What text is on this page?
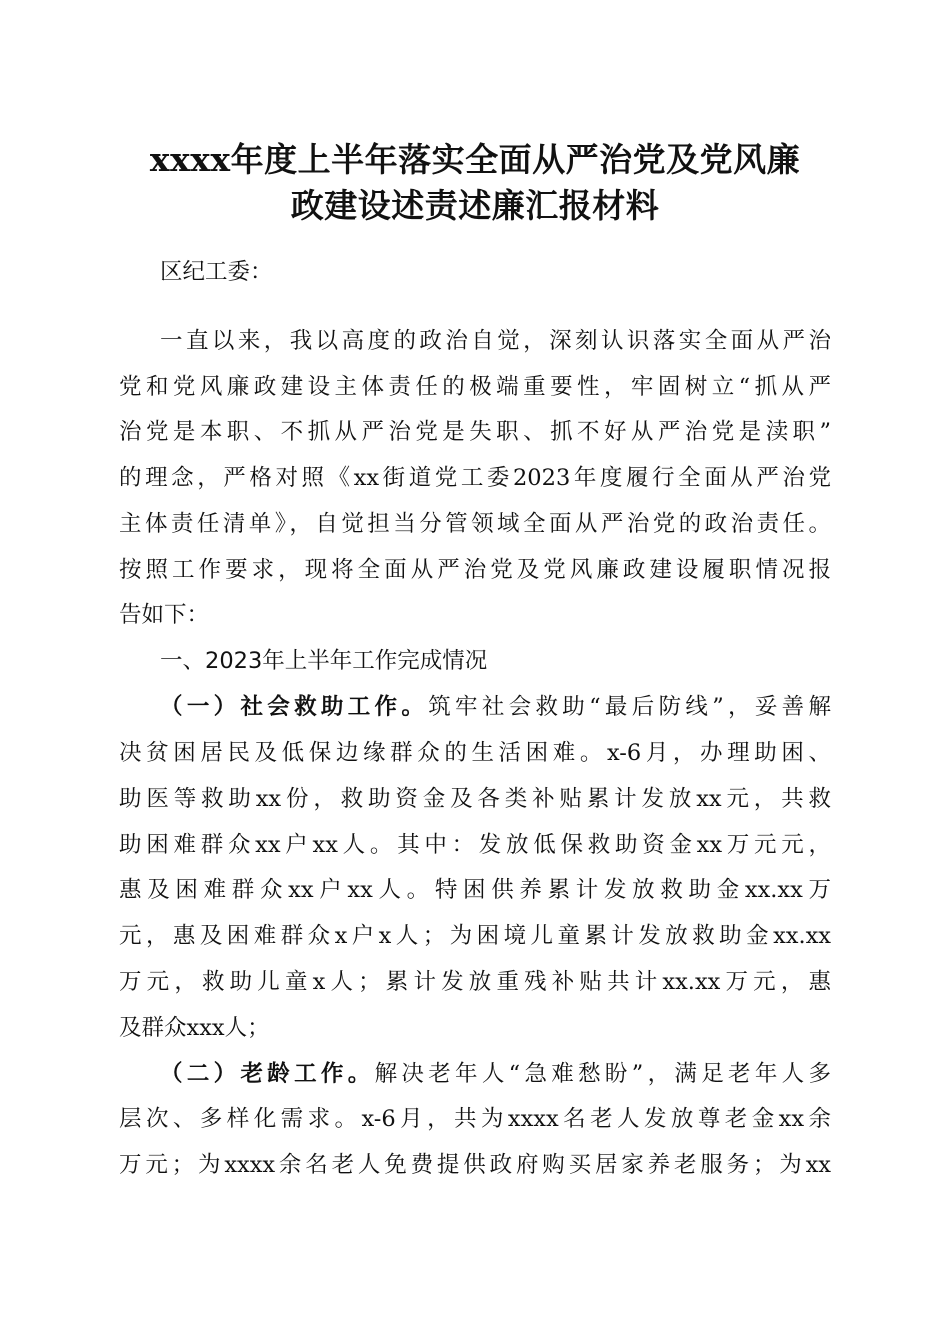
xxxx年度上半年落实全面从严治党及党风廉
政建设述责述廉汇报材料
区纪工委：
一直以来，我以高度的政治自觉，深刻认识落实全面从严治
党和党风廉政建设主体责任的极端重要性，牢固树立“抓从严
治党是本职、不抓从严治党是失职、抓不好从严治党是渎职”
的理念，严格对照《xx街道党工委2023年度履行全面从严治党
主体责任清单》，自觉担当分管领域全面从严治党的政治责任。
按照工作要求，现将全面从严治党及党风廉政建设履职情况报
告如下：
一、2023年上半年工作完成情况
（一）社会救助工作。筑牢社会救助“最后防线”，妥善解
决贫困居民及低保边缘群众的生活困难。x-6月，办理助困、
助医等救助xx份，救助资金及各类补贴累计发放xx元，共救
助困难群众xx户xx人。其中：发放低保救助资金xx万元元，
惠及困难群众xx户xx人。特困供养累计发放救助金xx.xx万
元，惠及困难群众x户x人；为困境儿童累计发放救助金xx.xx
万元，救助儿童x人；累计发放重残补贴共计xx.xx万元，惠
及群众xxx人；
（二）老龄工作。解决老年人“急难愁盼”，满足老年人多
层次、多样化需求。x-6月，共为xxxx名老人发放尊老金xx余
万元；为xxxx余名老人免费提供政府购买居家养老服务；为xx
